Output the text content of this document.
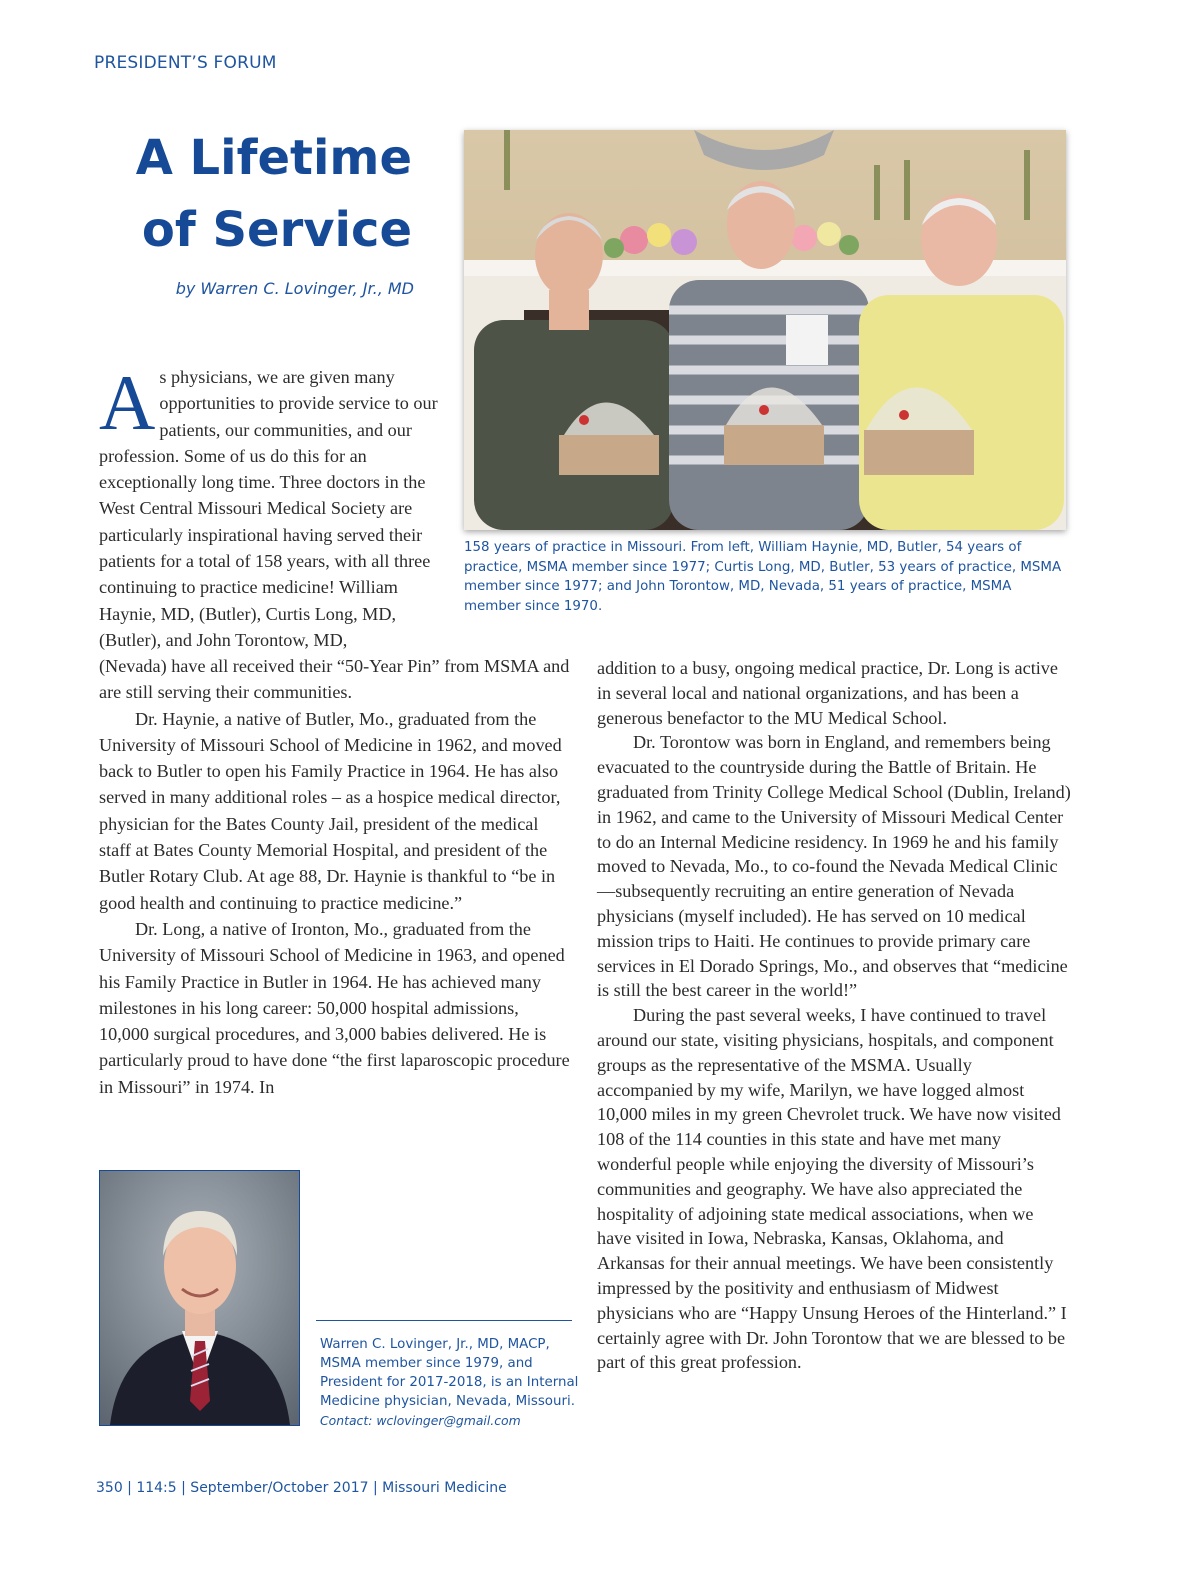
PRESIDENT’S FORUM
A Lifetime
of Service
by Warren C. Lovinger, Jr., MD
158 years of practice in Missouri. From left, William Haynie, MD, Butler, 54 years of practice, MSMA member since 1977; Curtis Long, MD, Butler, 53 years of practice, MSMA member since 1977; and John Torontow, MD, Nevada, 51 years of practice, MSMA member since 1970.
As physicians, we are given many opportunities to provide service to our patients, our communities, and our profession. Some of us do this for an exceptionally long time. Three doctors in the West Central Missouri Medical Society are particularly inspirational having served their patients for a total of 158 years, with all three continuing to practice medicine! William Haynie, MD, (Butler), Curtis Long, MD, (Butler), and John Torontow, MD,

(Nevada) have all received their “50-Year Pin” from MSMA and are still serving their communities.

Dr. Haynie, a native of Butler, Mo., graduated from the University of Missouri School of Medicine in 1962, and moved back to Butler to open his Family Practice in 1964. He has also served in many additional roles – as a hospice medical director, physician for the Bates County Jail, president of the medical staff at Bates County Memorial Hospital, and president of the Butler Rotary Club. At age 88, Dr. Haynie is thankful to “be in good health and continuing to practice medicine.”

Dr. Long, a native of Ironton, Mo., graduated from the University of Missouri School of Medicine in 1963, and opened his Family Practice in Butler in 1964. He has achieved many milestones in his long career: 50,000 hospital admissions, 10,000 surgical procedures, and 3,000 babies delivered. He is particularly proud to have done “the first laparoscopic procedure in Missouri” in 1974. In

addition to a busy, ongoing medical practice, Dr. Long is active in several local and national organizations, and has been a generous benefactor to the MU Medical School.

Dr. Torontow was born in England, and remembers being evacuated to the countryside during the Battle of Britain. He graduated from Trinity College Medical School (Dublin, Ireland) in 1962, and came to the University of Missouri Medical Center to do an Internal Medicine residency. In 1969 he and his family moved to Nevada, Mo., to co-found the Nevada Medical Clinic—subsequently recruiting an entire generation of Nevada physicians (myself included). He has served on 10 medical mission trips to Haiti. He continues to provide primary care services in El Dorado Springs, Mo., and observes that “medicine is still the best career in the world!”

During the past several weeks, I have continued to travel around our state, visiting physicians, hospitals, and component groups as the representative of the MSMA. Usually accompanied by my wife, Marilyn, we have logged almost 10,000 miles in my green Chevrolet truck. We have now visited 108 of the 114 counties in this state and have met many wonderful people while enjoying the diversity of Missouri’s communities and geography. We have also appreciated the hospitality of adjoining state medical associations, when we have visited in Iowa, Nebraska, Kansas, Oklahoma, and Arkansas for their annual meetings. We have been consistently impressed by the positivity and enthusiasm of Midwest physicians who are “Happy Unsung Heroes of the Hinterland.” I certainly agree with Dr. John Torontow that we are blessed to be part of this great profession.

Warren C. Lovinger, Jr., MD, MACP, MSMA member since 1979, and President for 2017-2018, is an Internal Medicine physician, Nevada, Missouri.
Contact: wclovinger@gmail.com
350 | 114:5 | September/October 2017 | Missouri Medicine
